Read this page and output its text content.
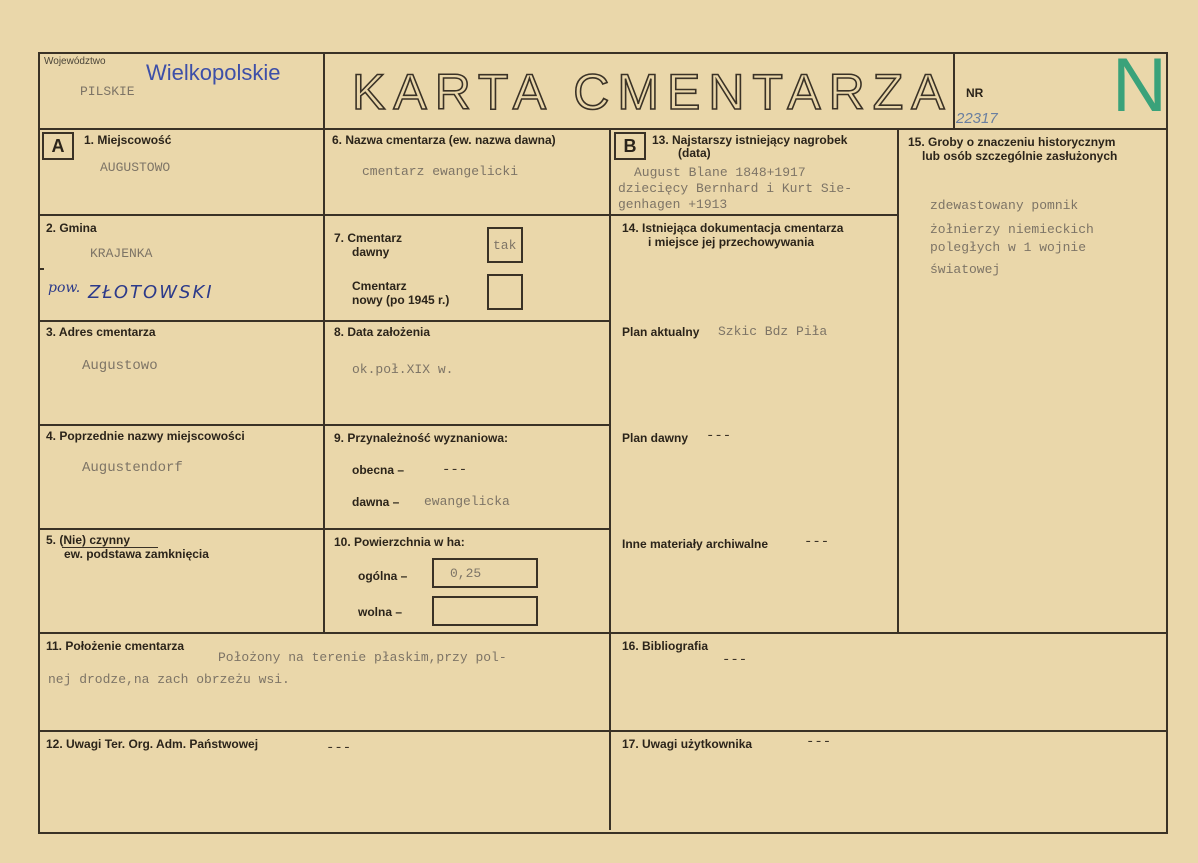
Województwo
PILSKIE
Wielkopolskie KARTA CMENTARZA NR
22317 N
A	1. Miejscowość
AUGUSTOWO
2. Gmina
KRAJENKA
pow. ZŁOTOWSKI
3. Adres cmentarza
Augustowo
4. Poprzednie nazwy miejscowości
Augustendorf
5. (Nie) czynny
ew. podstawa zamknięcia
6. Nazwa cmentarza (ew. nazwa dawna)
cmentarz ewangelicki
7. Cmentarz
dawny	tak
Cmentarz
nowy (po 1945 r.)
8. Data założenia
ok.poł.XIX w.
9. Przynależność wyznaniowa:
obecna –	---
dawna – ewangelicka
10. Powierzchnia w ha:
ogólna –	0,25
wolna –
B	13. Najstarszy istniejący nagrobek
(data)
August Blane 1848+1917
dziecięcy Bernhard i Kurt Sie-
genhagen +1913
14. Istniejąca dokumentacja cmentarza
i miejsce jej przechowywania
Plan aktualny Szkic Bdz Piła
Plan dawny ---
Inne materiały archiwalne	---
15. Groby o znaczeniu historycznym
lub osób szczególnie zasłużonych
zdewastowany pomnik
żołnierzy niemieckich
poległych w 1 wojnie
światowej
11. Położenie cmentarza
Położony na terenie płaskim,przy pol-
nej drodze,na zach obrzeżu wsi.
16. Bibliografia
---
12. Uwagi Ter. Org. Adm. Państwowej	---	17. Uwagi użytkownika	---
